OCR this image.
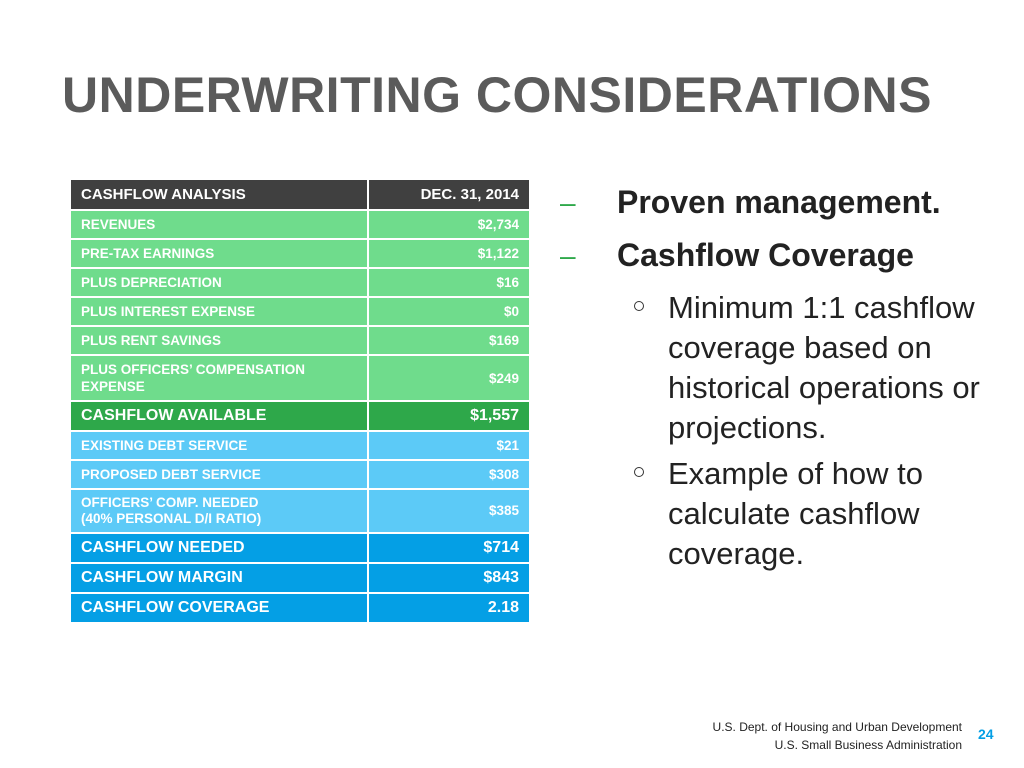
UNDERWRITING CONSIDERATIONS
CASHFLOW ANALYSIS	DEC. 31, 2014
REVENUES	$2,734
PRE-TAX EARNINGS	$1,122
PLUS DEPRECIATION	$16
PLUS INTEREST EXPENSE	$0
PLUS RENT SAVINGS	$169
PLUS OFFICERS’ COMPENSATION
EXPENSE	$249
CASHFLOW AVAILABLE	$1,557
EXISTING DEBT SERVICE	$21
PROPOSED DEBT SERVICE	$308
OFFICERS’ COMP. NEEDED
(40% PERSONAL D/I RATIO)	$385
CASHFLOW NEEDED	$714
CASHFLOW MARGIN	$843
CASHFLOW COVERAGE	2.18
– Proven management.
– Cashflow Coverage
Minimum 1:1 cashflow coverage based on historical operations or projections.
Example of how to calculate cashflow coverage.
U.S. Dept. of Housing and Urban Development
U.S. Small Business Administration
24
